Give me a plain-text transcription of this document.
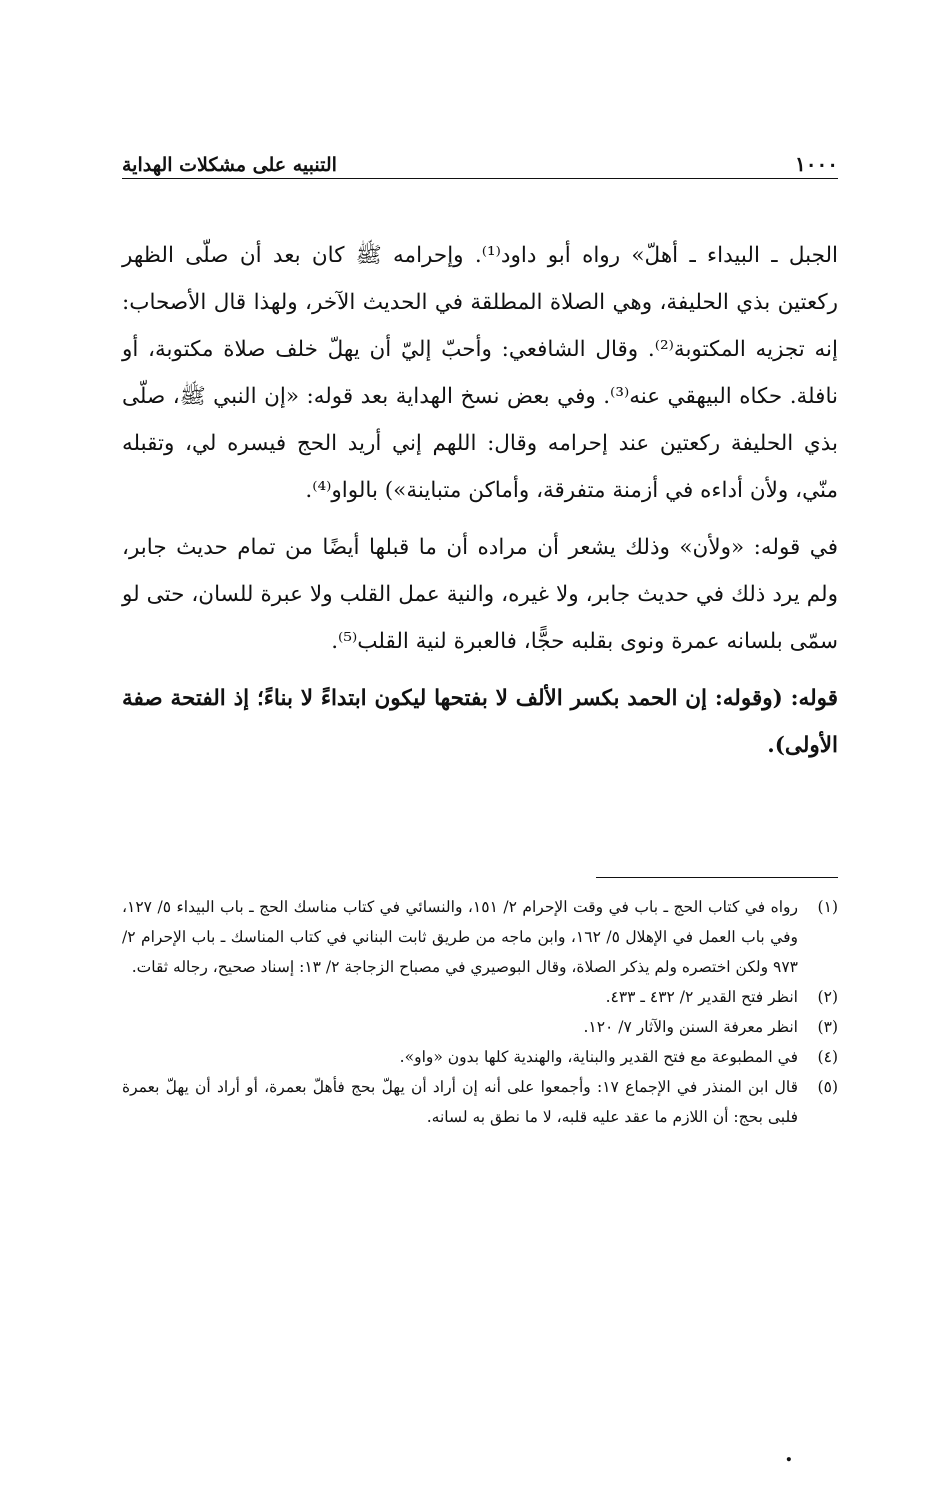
١٠٠٠
التنبيه على مشكلات الهداية

الجبل ـ البيداء ـ أهلّ» رواه أبو داود⁽¹⁾. وإحرامه ﷺ كان بعد أن صلّى الظهر ركعتين بذي الحليفة، وهي الصلاة المطلقة في الحديث الآخر، ولهذا قال الأصحاب: إنه تجزيه المكتوبة⁽²⁾. وقال الشافعي: وأحبّ إليّ أن يهلّ خلف صلاة مكتوبة، أو نافلة. حكاه البيهقي عنه⁽³⁾. وفي بعض نسخ الهداية بعد قوله: «إن النبي ﷺ، صلّى بذي الحليفة ركعتين عند إحرامه وقال: اللهم إني أريد الحج فيسره لي، وتقبله منّي، ولأن أداءه في أزمنة متفرقة، وأماكن متباينة») بالواو⁽⁴⁾.

في قوله: «ولأن» وذلك يشعر أن مراده أن ما قبلها أيضًا من تمام حديث جابر، ولم يرد ذلك في حديث جابر، ولا غيره، والنية عمل القلب ولا عبرة للسان، حتى لو سمّى بلسانه عمرة ونوى بقلبه حجًّا، فالعبرة لنية القلب⁽⁵⁾.

قوله: (وقوله: إن الحمد بكسر الألف لا بفتحها ليكون ابتداءً لا بناءً؛ إذ الفتحة صفة الأولى).

(١)
رواه في كتاب الحج ـ باب في وقت الإحرام ٢/ ١٥١، والنسائي في كتاب مناسك الحج ـ باب البيداء ٥/ ١٢٧، وفي باب العمل في الإهلال ٥/ ١٦٢، وابن ماجه من طريق ثابت البناني في كتاب المناسك ـ باب الإحرام ٢/ ٩٧٣ ولكن اختصره ولم يذكر الصلاة، وقال البوصيري في مصباح الزجاجة ٢/ ١٣: إسناد صحيح، رجاله ثقات.
(٢)
انظر فتح القدير ٢/ ٤٣٢ ـ ٤٣٣.
(٣)
انظر معرفة السنن والآثار ٧/ ١٢٠.
(٤)
في المطبوعة مع فتح القدير والبناية، والهندية كلها بدون «واو».
(٥)
قال ابن المنذر في الإجماع ١٧: وأجمعوا على أنه إن أراد أن يهلّ بحج فأهلّ بعمرة، أو أراد أن يهلّ بعمرة فلبى بحج: أن اللازم ما عقد عليه قلبه، لا ما نطق به لسانه.
.
